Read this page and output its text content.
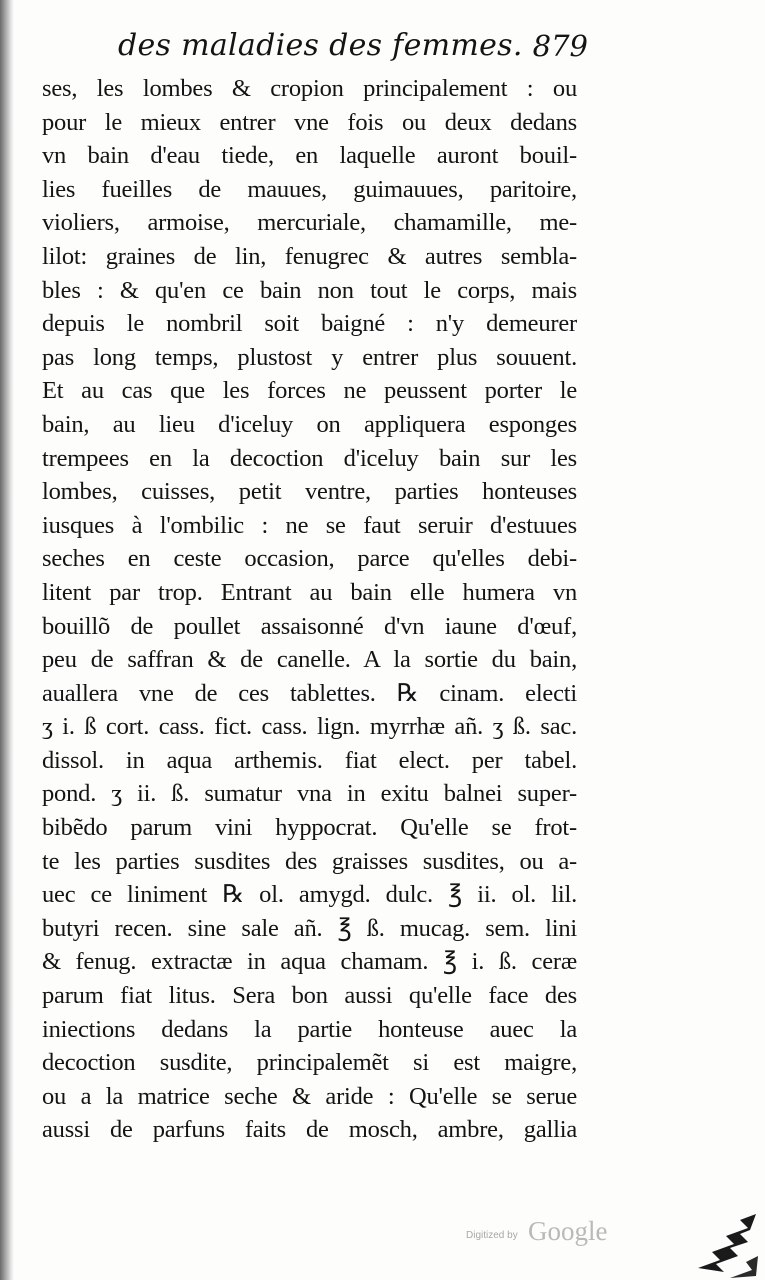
des maladies des femmes. 879
ses, les lombes & cropion principalement : ou
pour le mieux entrer vne fois ou deux dedans
vn bain d'eau tiede, en laquelle auront bouil-
lies fueilles de mauues, guimauues, paritoire,
violiers, armoise, mercuriale, chamamille, me-
lilot: graines de lin, fenugrec & autres sembla-
bles : & qu'en ce bain non tout le corps, mais
depuis le nombril soit baigné : n'y demeurer
pas long temps, plustost y entrer plus souuent.
Et au cas que les forces ne peussent porter le
bain, au lieu d'iceluy on appliquera esponges
trempees en la decoction d'iceluy bain sur les
lombes, cuisses, petit ventre, parties honteuses
iusques à l'ombilic : ne se faut seruir d'estuues
seches en ceste occasion, parce qu'elles debi-
litent par trop. Entrant au bain elle humera vn
bouillõ de poullet assaisonné d'vn iaune d'œuf,
peu de saffran & de canelle. A la sortie du bain,
auallera vne de ces tablettes. ℞ cinam. electi
ʒ i. ß cort. cass. fict. cass. lign. myrrhæ añ. ʒ ß. sac.
dissol. in aqua arthemis. fiat elect. per tabel.
pond. ʒ ii. ß. sumatur vna in exitu balnei super-
bibẽdo parum vini hyppocrat. Qu'elle se frot-
te les parties susdites des graisses susdites, ou a-
uec ce liniment ℞ ol. amygd. dulc. ℥ ii. ol. lil.
butyri recen. sine sale añ. ℥ ß. mucag. sem. lini
& fenug. extractæ in aqua chamam. ℥ i. ß. ceræ
parum fiat litus. Sera bon aussi qu'elle face des
iniections dedans la partie honteuse auec la
decoction susdite, principalemẽt si est maigre,
ou a la matrice seche & aride : Qu'elle se serue
aussi de parfuns faits de mosch, ambre, gallia
Digitized by Google
